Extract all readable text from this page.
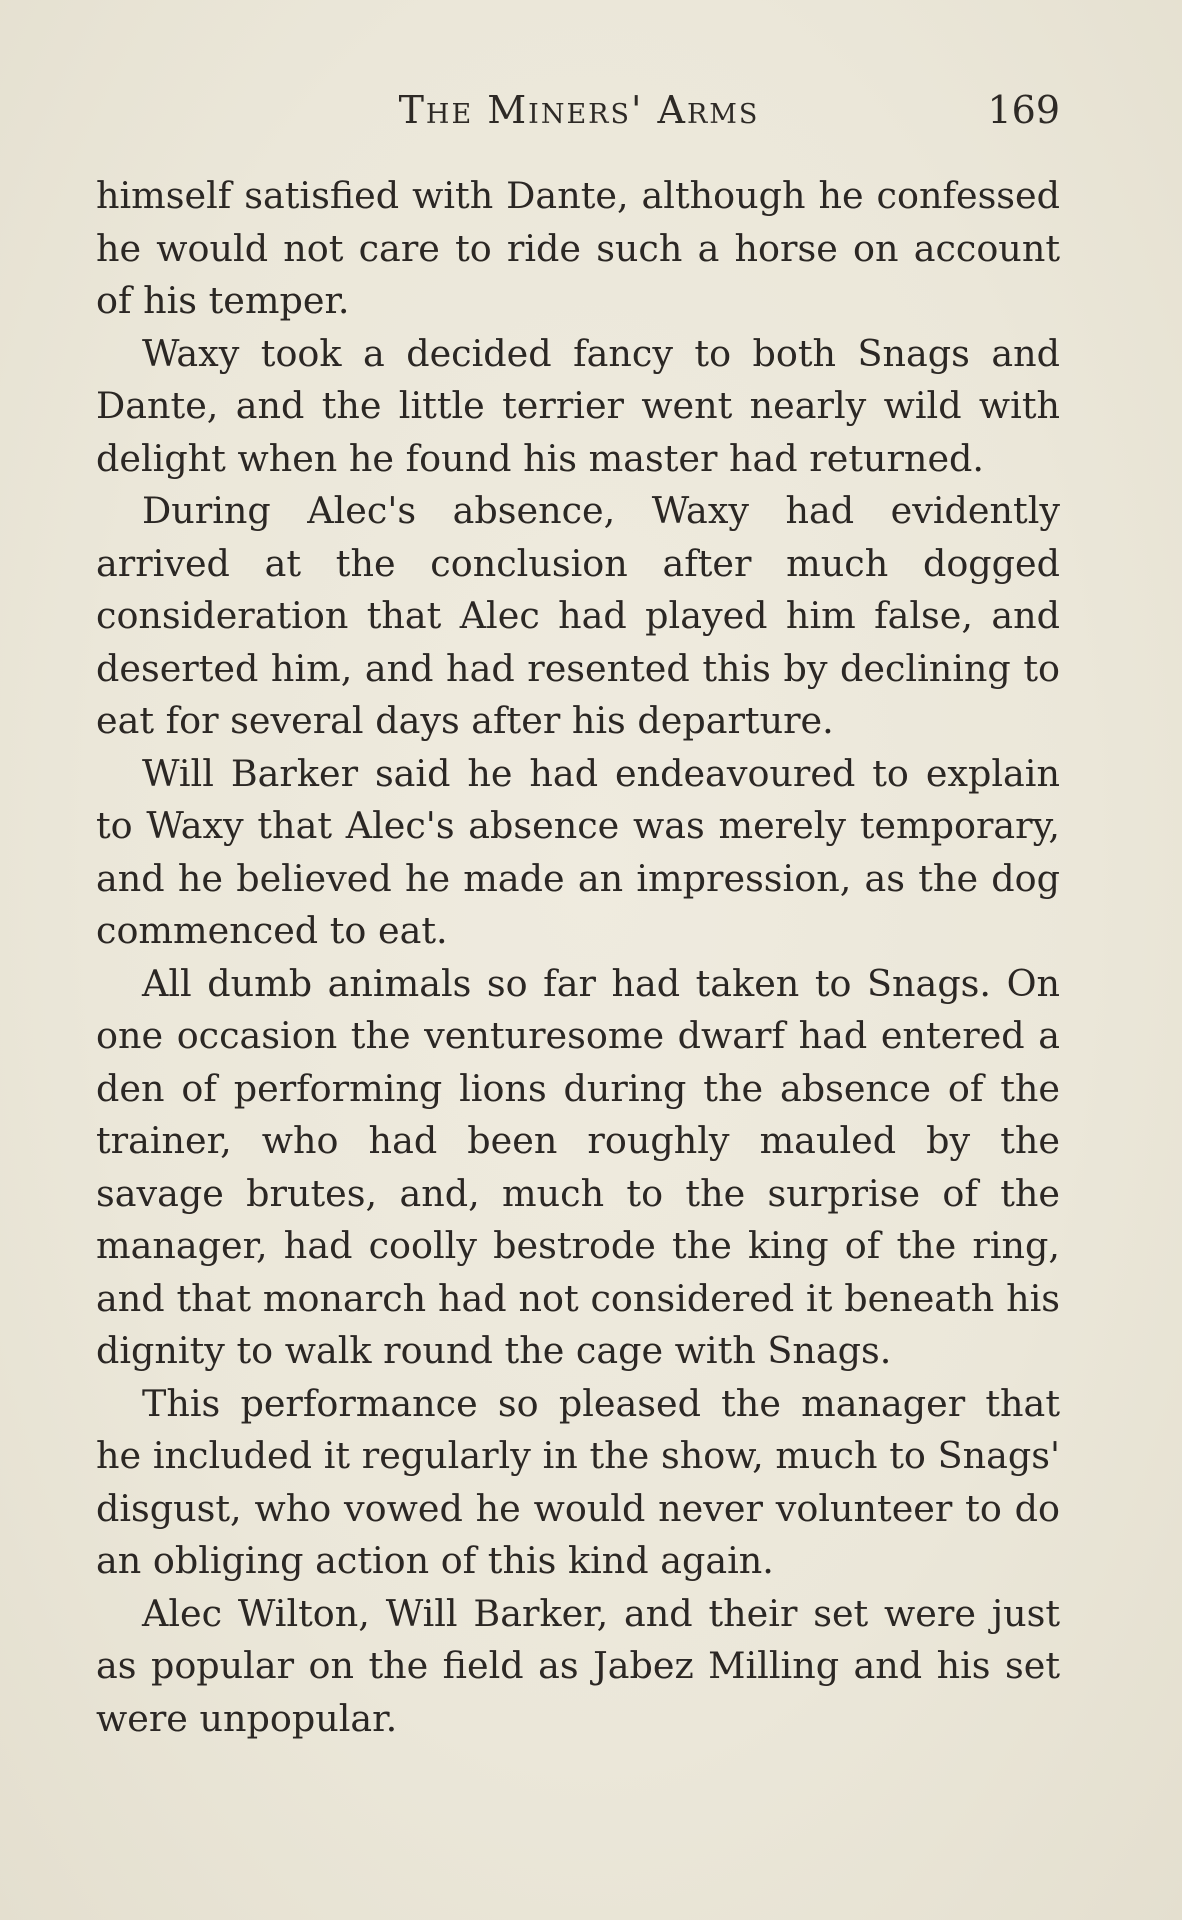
The Miners' Arms	169

himself satisfied with Dante, although he confessed he would not care to ride such a horse on account of his temper.

Waxy took a decided fancy to both Snags and Dante, and the little terrier went nearly wild with delight when he found his master had returned.

During Alec's absence, Waxy had evidently arrived at the conclusion after much dogged consideration that Alec had played him false, and deserted him, and had resented this by declining to eat for several days after his departure.

Will Barker said he had endeavoured to explain to Waxy that Alec's absence was merely temporary, and he believed he made an impression, as the dog commenced to eat.

All dumb animals so far had taken to Snags. On one occasion the venturesome dwarf had entered a den of performing lions during the absence of the trainer, who had been roughly mauled by the savage brutes, and, much to the surprise of the manager, had coolly bestrode the king of the ring, and that monarch had not considered it beneath his dignity to walk round the cage with Snags.

This performance so pleased the manager that he included it regularly in the show, much to Snags' disgust, who vowed he would never volunteer to do an obliging action of this kind again.

Alec Wilton, Will Barker, and their set were just as popular on the field as Jabez Milling and his set were unpopular.
